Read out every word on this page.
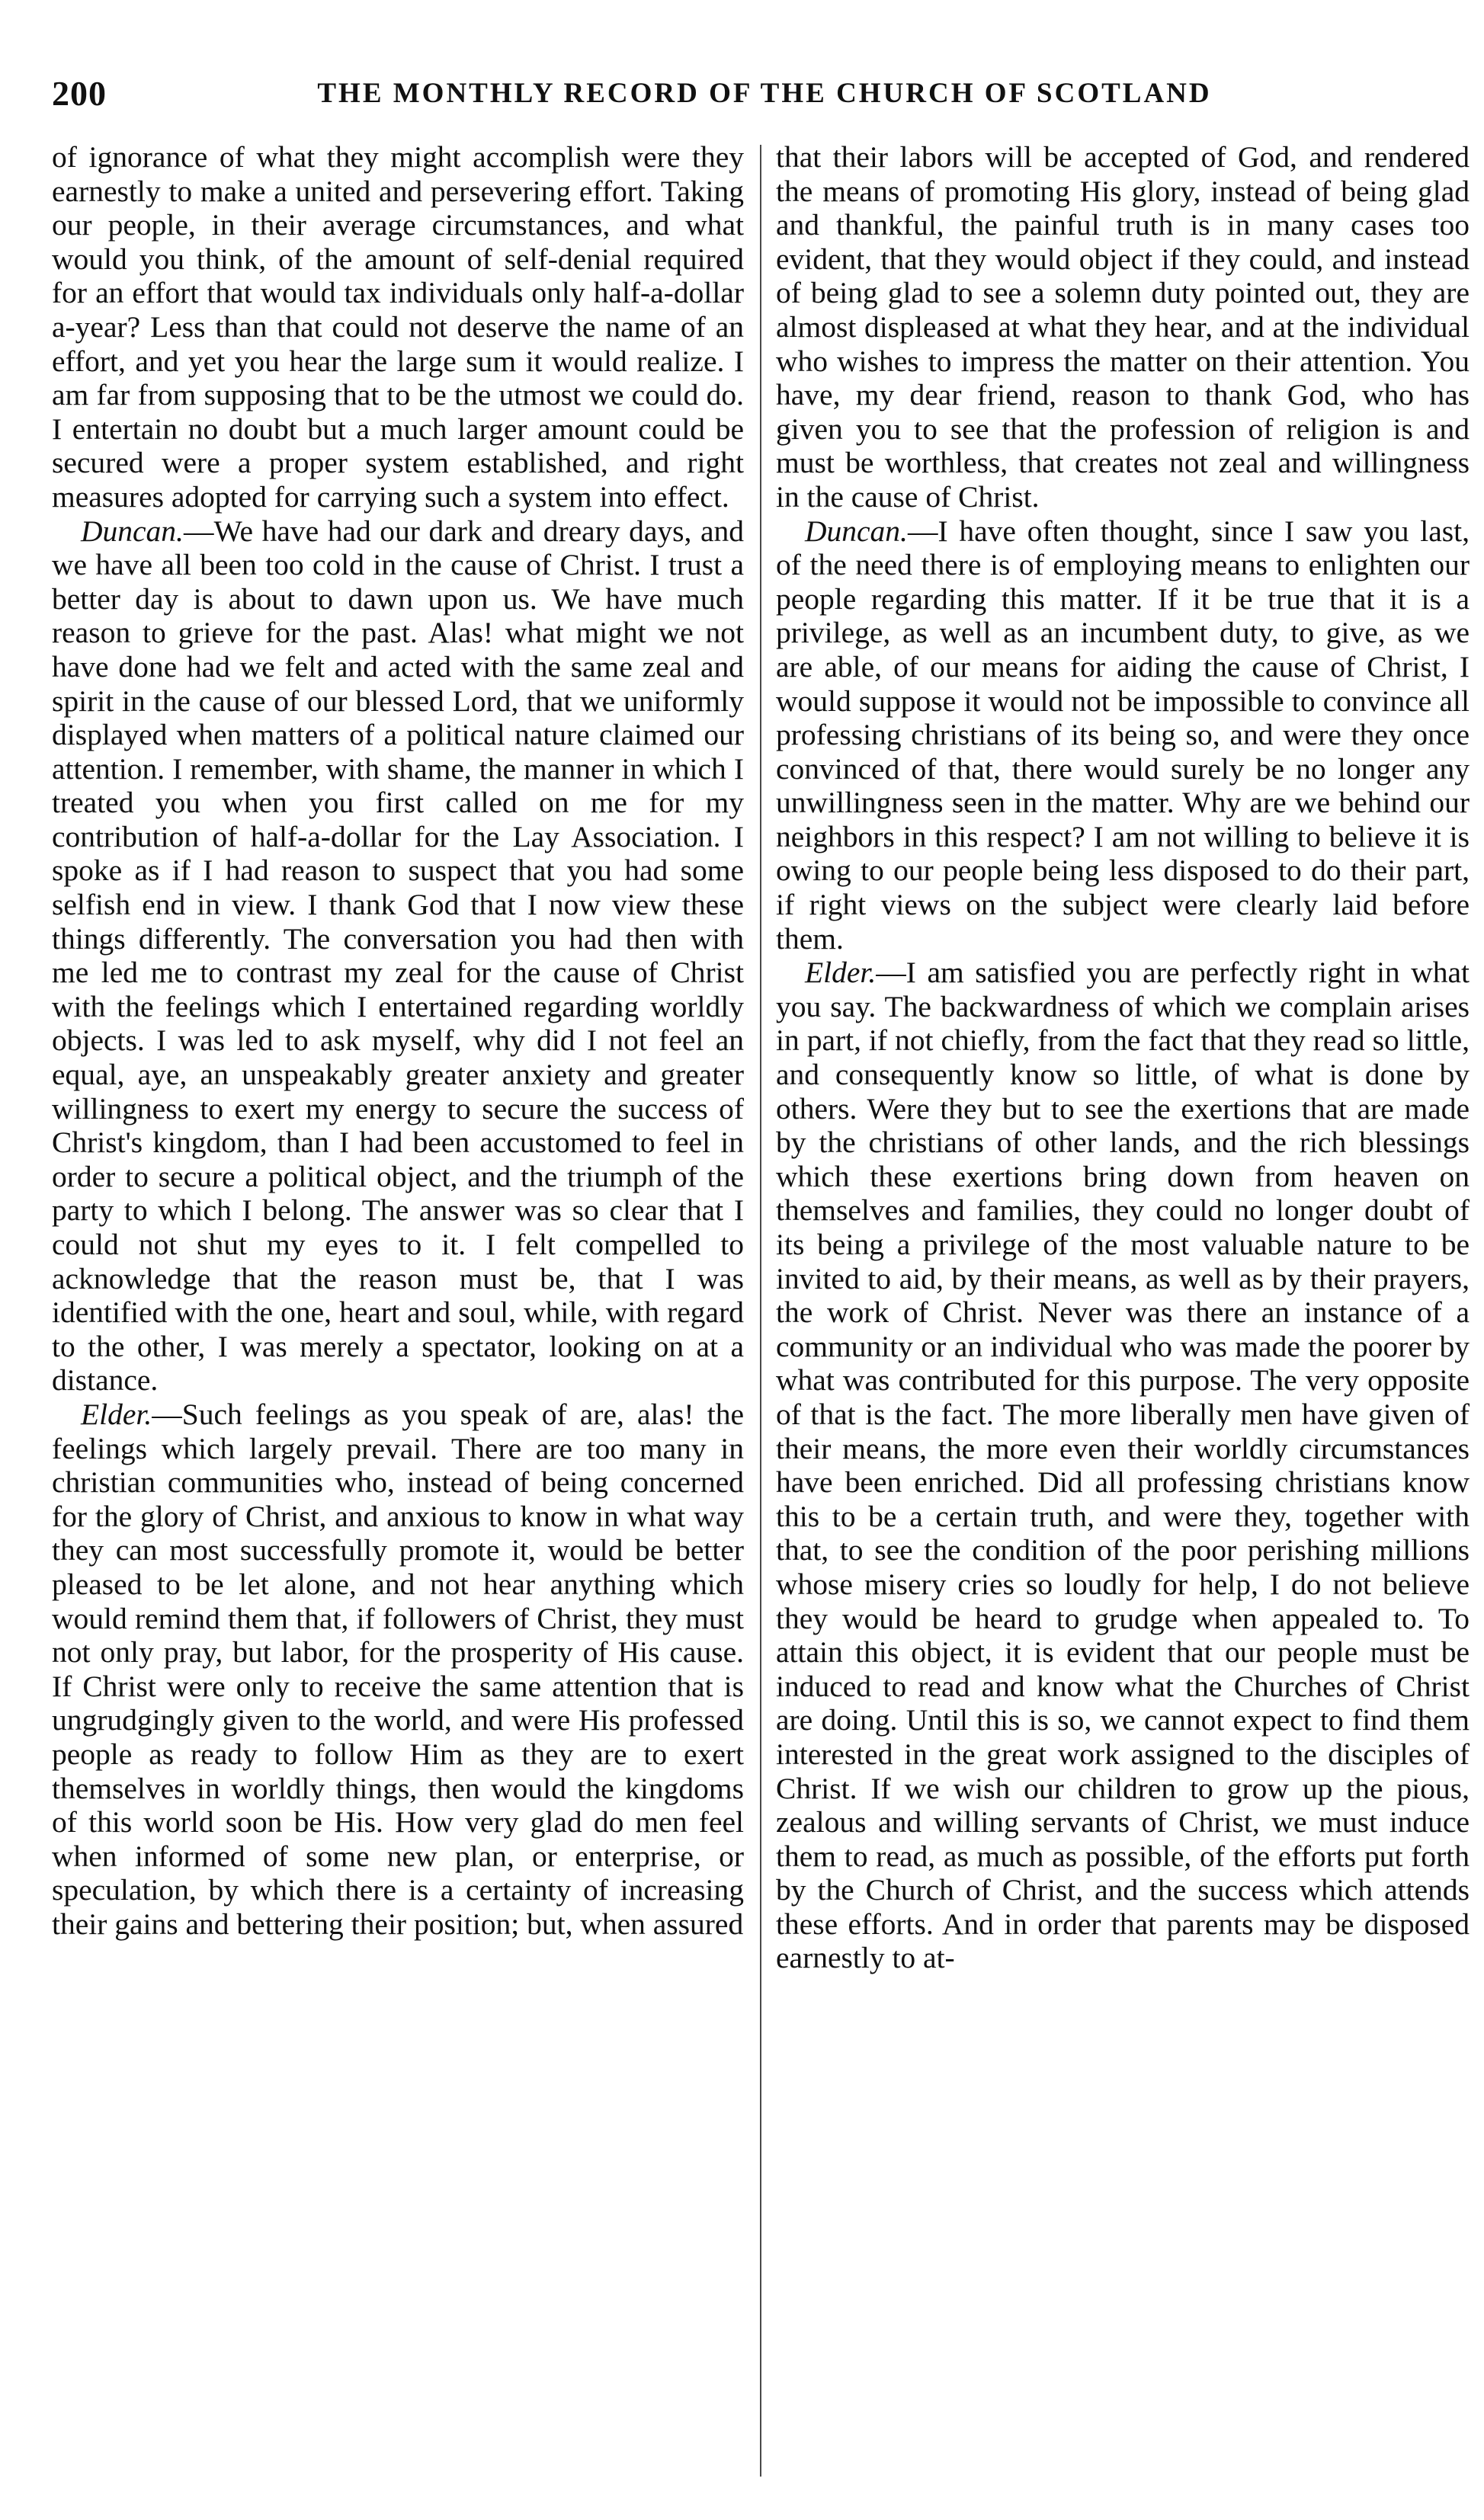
200	THE MONTHLY RECORD OF THE CHURCH OF SCOTLAND

of ignorance of what they might accomplish were they earnestly to make a united and persevering effort. Taking our people, in their average circumstances, and what would you think, of the amount of self-denial required for an effort that would tax individuals only half-a-dollar a-year? Less than that could not deserve the name of an effort, and yet you hear the large sum it would realize. I am far from supposing that to be the utmost we could do. I entertain no doubt but a much larger amount could be secured were a proper system established, and right measures adopted for carrying such a system into effect.

Duncan.—We have had our dark and dreary days, and we have all been too cold in the cause of Christ. I trust a better day is about to dawn upon us. We have much reason to grieve for the past. Alas! what might we not have done had we felt and acted with the same zeal and spirit in the cause of our blessed Lord, that we uniformly displayed when matters of a political nature claimed our attention. I remember, with shame, the manner in which I treated you when you first called on me for my contribution of half-a-dollar for the Lay Association. I spoke as if I had reason to suspect that you had some selfish end in view. I thank God that I now view these things differently. The conversation you had then with me led me to contrast my zeal for the cause of Christ with the feelings which I entertained regarding worldly objects. I was led to ask myself, why did I not feel an equal, aye, an unspeakably greater anxiety and greater willingness to exert my energy to secure the success of Christ's kingdom, than I had been accustomed to feel in order to secure a political object, and the triumph of the party to which I belong. The answer was so clear that I could not shut my eyes to it. I felt compelled to acknowledge that the reason must be, that I was identified with the one, heart and soul, while, with regard to the other, I was merely a spectator, looking on at a distance.

Elder.—Such feelings as you speak of are, alas! the feelings which largely prevail. There are too many in christian communities who, instead of being concerned for the glory of Christ, and anxious to know in what way they can most successfully promote it, would be better pleased to be let alone, and not hear anything which would remind them that, if followers of Christ, they must not only pray, but labor, for the prosperity of His cause. If Christ were only to receive the same attention that is ungrudgingly given to the world, and were His professed people as ready to follow Him as they are to exert themselves in worldly things, then would the kingdoms of this world soon be His. How very glad do men feel when informed of some new plan, or enterprise, or speculation, by which there is a certainty of increasing their gains and bettering their position; but, when assured

that their labors will be accepted of God, and rendered the means of promoting His glory, instead of being glad and thankful, the painful truth is in many cases too evident, that they would object if they could, and instead of being glad to see a solemn duty pointed out, they are almost displeased at what they hear, and at the individual who wishes to impress the matter on their attention. You have, my dear friend, reason to thank God, who has given you to see that the profession of religion is and must be worthless, that creates not zeal and willingness in the cause of Christ.

Duncan.—I have often thought, since I saw you last, of the need there is of employing means to enlighten our people regarding this matter. If it be true that it is a privilege, as well as an incumbent duty, to give, as we are able, of our means for aiding the cause of Christ, I would suppose it would not be impossible to convince all professing christians of its being so, and were they once convinced of that, there would surely be no longer any unwillingness seen in the matter. Why are we behind our neighbors in this respect? I am not willing to believe it is owing to our people being less disposed to do their part, if right views on the subject were clearly laid before them.

Elder.—I am satisfied you are perfectly right in what you say. The backwardness of which we complain arises in part, if not chiefly, from the fact that they read so little, and consequently know so little, of what is done by others. Were they but to see the exertions that are made by the christians of other lands, and the rich blessings which these exertions bring down from heaven on themselves and families, they could no longer doubt of its being a privilege of the most valuable nature to be invited to aid, by their means, as well as by their prayers, the work of Christ. Never was there an instance of a community or an individual who was made the poorer by what was contributed for this purpose. The very opposite of that is the fact. The more liberally men have given of their means, the more even their worldly circumstances have been enriched. Did all professing christians know this to be a certain truth, and were they, together with that, to see the condition of the poor perishing millions whose misery cries so loudly for help, I do not believe they would be heard to grudge when appealed to. To attain this object, it is evident that our people must be induced to read and know what the Churches of Christ are doing. Until this is so, we cannot expect to find them interested in the great work assigned to the disciples of Christ. If we wish our children to grow up the pious, zealous and willing servants of Christ, we must induce them to read, as much as possible, of the efforts put forth by the Church of Christ, and the success which attends these efforts. And in order that parents may be disposed earnestly to at-
